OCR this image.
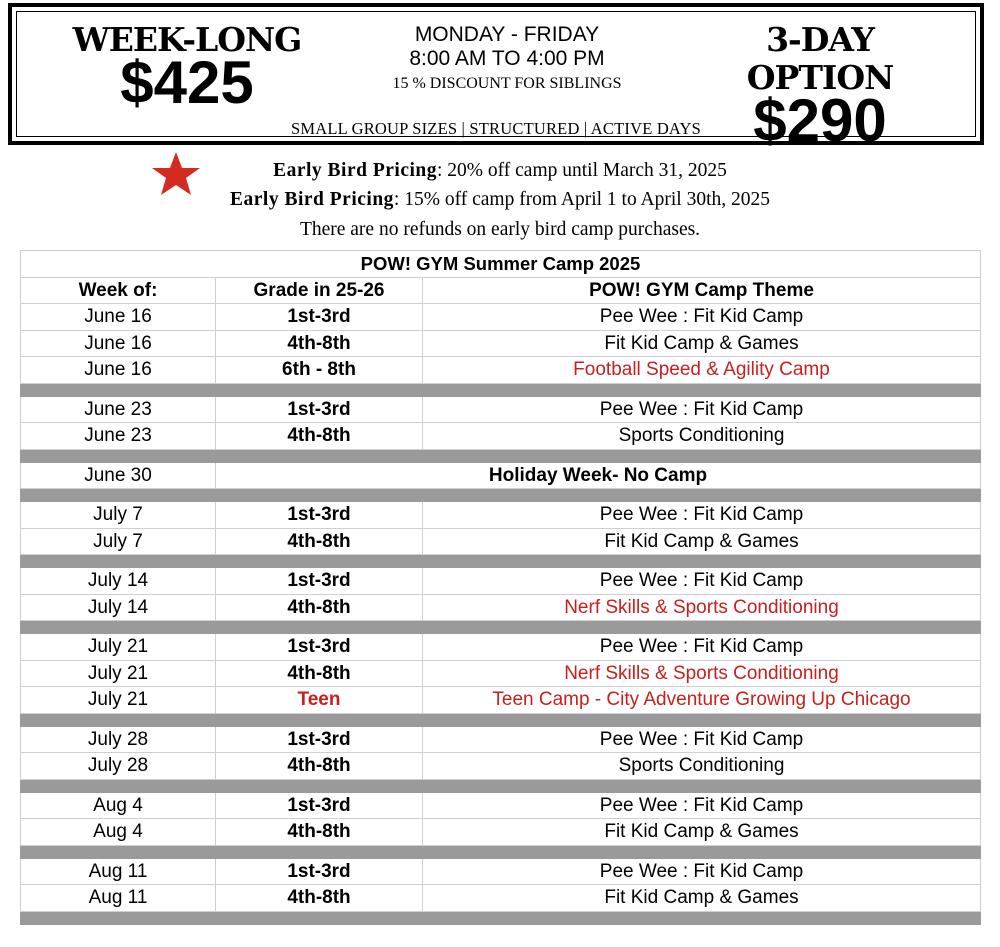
WEEK-LONG
$425
MONDAY - FRIDAY
8:00 AM TO 4:00 PM
15 % DISCOUNT FOR SIBLINGS
3-DAY OPTION
$290
SMALL GROUP SIZES | STRUCTURED | ACTIVE DAYS
Early Bird Pricing: 20% off camp until March 31, 2025
Early Bird Pricing: 15% off camp from April 1 to April 30th, 2025
There are no refunds on early bird camp purchases.
POW! GYM Summer Camp 2025		
Week of:	Grade in 25-26	POW! GYM Camp Theme
June 16	1st-3rd	Pee Wee : Fit Kid Camp
June 16	4th-8th	Fit Kid Camp & Games
June 16	6th - 8th	Football Speed & Agility Camp

June 23	1st-3rd	Pee Wee : Fit Kid Camp
June 23	4th-8th	Sports Conditioning

June 30	Holiday Week- No Camp	

July 7	1st-3rd	Pee Wee : Fit Kid Camp
July 7	4th-8th	Fit Kid Camp & Games

July 14	1st-3rd	Pee Wee : Fit Kid Camp
July 14	4th-8th	Nerf Skills & Sports Conditioning

July 21	1st-3rd	Pee Wee : Fit Kid Camp
July 21	4th-8th	Nerf Skills & Sports Conditioning
July 21	Teen	Teen Camp - City Adventure Growing Up Chicago

July 28	1st-3rd	Pee Wee : Fit Kid Camp
July 28	4th-8th	Sports Conditioning

Aug 4	1st-3rd	Pee Wee : Fit Kid Camp
Aug 4	4th-8th	Fit Kid Camp & Games

Aug 11	1st-3rd	Pee Wee : Fit Kid Camp
Aug 11	4th-8th	Fit Kid Camp & Games
